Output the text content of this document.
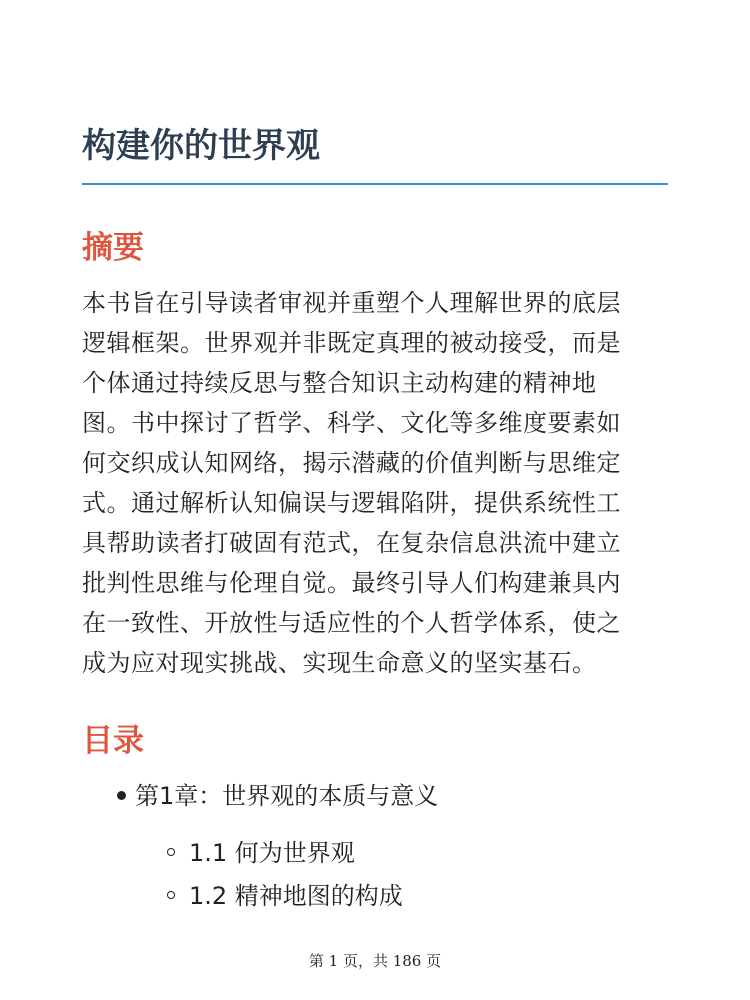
构建你的世界观
摘要
本书旨在引导读者审视并重塑个人理解世界的底层
逻辑框架。世界观并非既定真理的被动接受，而是
个体通过持续反思与整合知识主动构建的精神地
图。书中探讨了哲学、科学、文化等多维度要素如
何交织成认知网络，揭示潜藏的价值判断与思维定
式。通过解析认知偏误与逻辑陷阱，提供系统性工
具帮助读者打破固有范式，在复杂信息洪流中建立
批判性思维与伦理自觉。最终引导人们构建兼具内
在一致性、开放性与适应性的个人哲学体系，使之
成为应对现实挑战、实现生命意义的坚实基石。
目录
第1章：世界观的本质与意义
1.1 何为世界观
1.2 精神地图的构成
第 1 页，共 186 页
